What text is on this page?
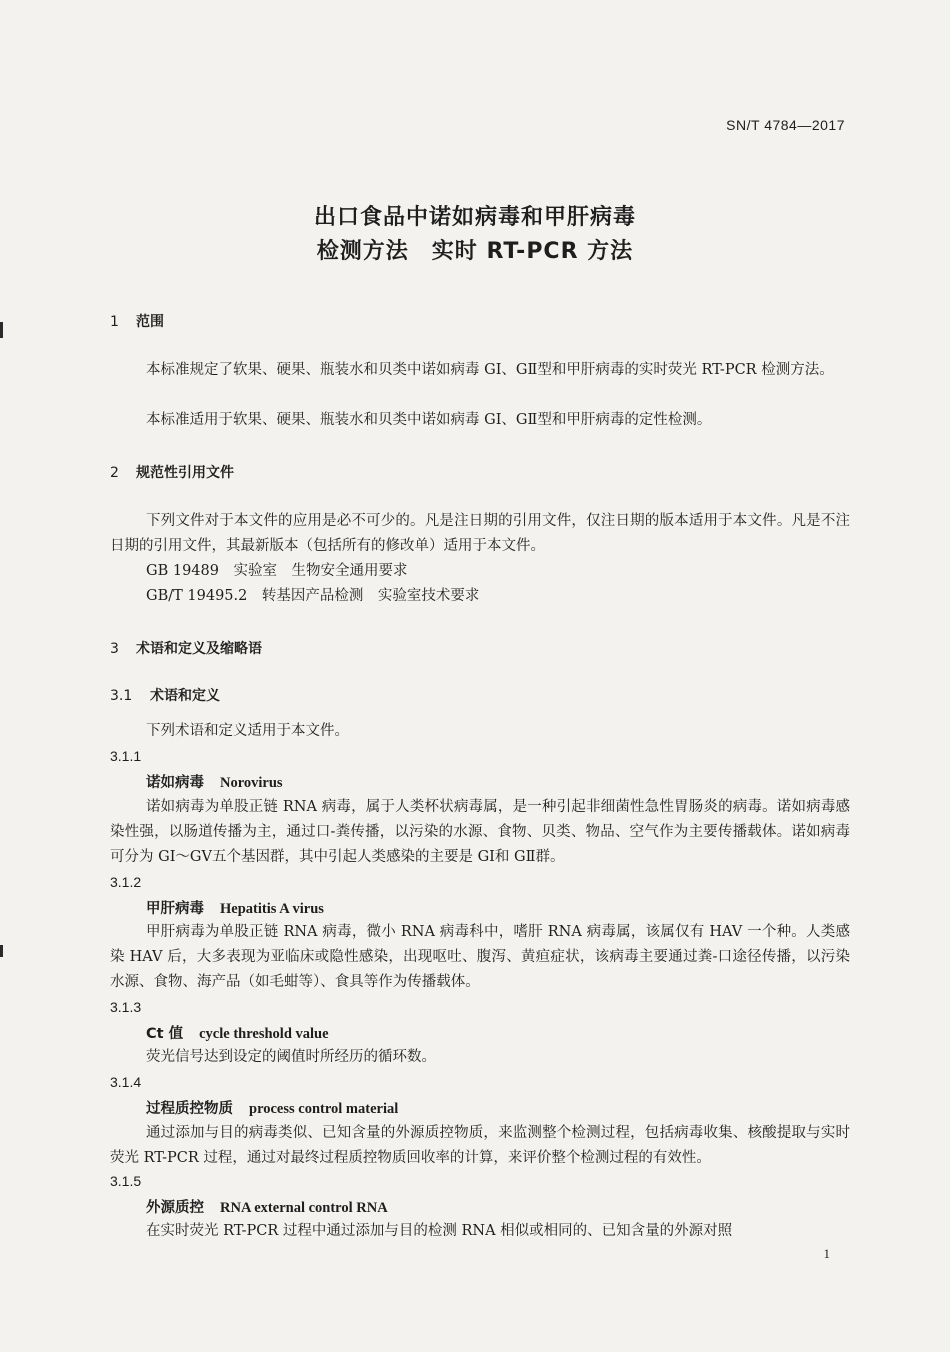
SN/T 4784—2017
出口食品中诺如病毒和甲肝病毒
检测方法　实时 RT-PCR 方法
1 范围
本标准规定了软果、硬果、瓶装水和贝类中诺如病毒 GⅠ、GⅡ型和甲肝病毒的实时荧光 RT-PCR 检测方法。
本标准适用于软果、硬果、瓶装水和贝类中诺如病毒 GⅠ、GⅡ型和甲肝病毒的定性检测。
2 规范性引用文件
下列文件对于本文件的应用是必不可少的。凡是注日期的引用文件，仅注日期的版本适用于本文件。凡是不注日期的引用文件，其最新版本（包括所有的修改单）适用于本文件。
GB 19489　实验室　生物安全通用要求
GB/T 19495.2　转基因产品检测　实验室技术要求
3 术语和定义及缩略语
3.1 术语和定义
下列术语和定义适用于本文件。
3.1.1
诺如病毒 Norovirus
诺如病毒为单股正链 RNA 病毒，属于人类杯状病毒属，是一种引起非细菌性急性胃肠炎的病毒。诺如病毒感染性强，以肠道传播为主，通过口-粪传播，以污染的水源、食物、贝类、物品、空气作为主要传播载体。诺如病毒可分为 GⅠ～GⅤ五个基因群，其中引起人类感染的主要是 GⅠ和 GⅡ群。
3.1.2
甲肝病毒 Hepatitis A virus
甲肝病毒为单股正链 RNA 病毒，微小 RNA 病毒科中，嗜肝 RNA 病毒属，该属仅有 HAV 一个种。人类感染 HAV 后，大多表现为亚临床或隐性感染，出现呕吐、腹泻、黄疸症状，该病毒主要通过粪-口途径传播，以污染水源、食物、海产品（如毛蚶等）、食具等作为传播载体。
3.1.3
Ct 值 cycle threshold value
荧光信号达到设定的阈值时所经历的循环数。
3.1.4
过程质控物质 process control material
通过添加与目的病毒类似、已知含量的外源质控物质，来监测整个检测过程，包括病毒收集、核酸提取与实时荧光 RT-PCR 过程，通过对最终过程质控物质回收率的计算，来评价整个检测过程的有效性。
3.1.5
外源质控 RNA external control RNA
在实时荧光 RT-PCR 过程中通过添加与目的检测 RNA 相似或相同的、已知含量的外源对照
1
